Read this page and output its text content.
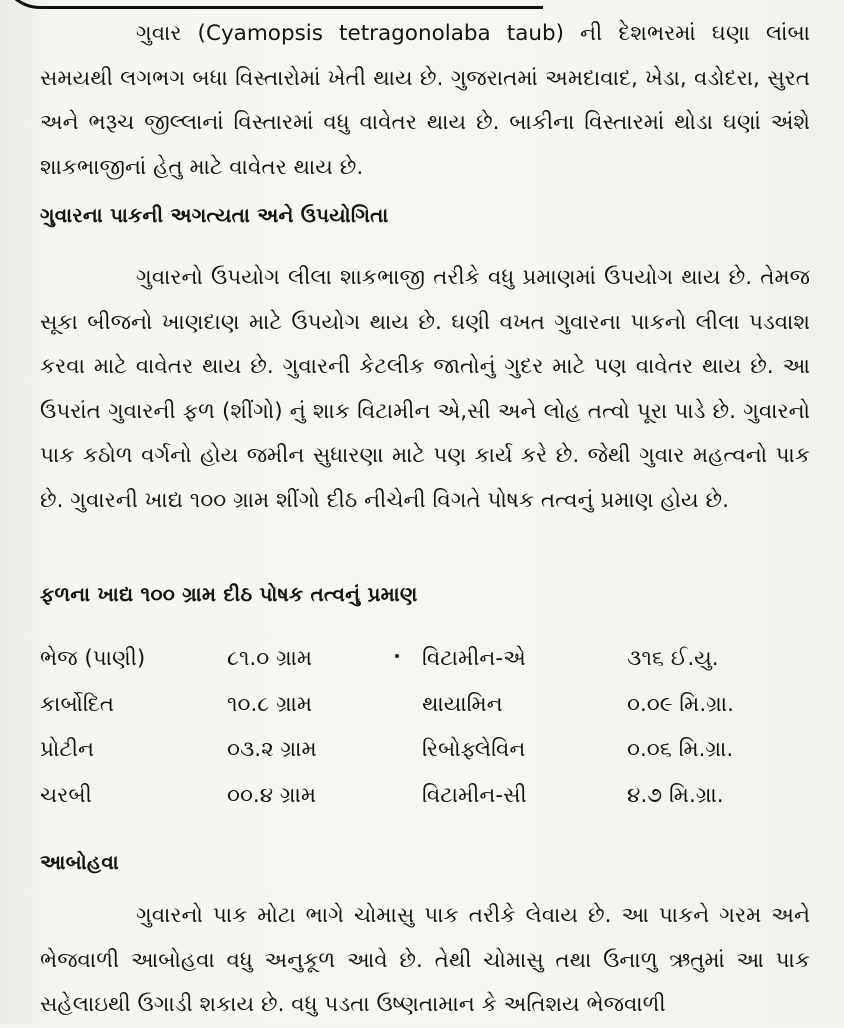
ગુવાર (Cyamopsis tetragonolaba taub) ની દેશભરમાં ઘણા લાંબા સમયથી લગભગ બધા વિસ્તારોમાં ખેતી થાય છે. ગુજરાતમાં અમદાવાદ, ખેડા, વડોદરા, સુરત અને ભરૂચ જીલ્લાનાં વિસ્તારમાં વધુ વાવેતર થાય છે. બાકીના વિસ્તારમાં થોડા ઘણાં અંશે શાકભાજીનાં હેતુ માટે વાવેતર થાય છે.

ગુવારના પાકની અગત્યતા અને ઉપયોગિતા

ગુવારનો ઉપયોગ લીલા શાકભાજી તરીકે વધુ પ્રમાણમાં ઉપયોગ થાય છે. તેમજ સૂકા બીજનો ખાણદાણ માટે ઉપયોગ થાય છે. ઘણી વખત ગુવારના પાકનો લીલા પડવાશ કરવા માટે વાવેતર થાય છે. ગુવારની કેટલીક જાતોનું ગુદર માટે પણ વાવેતર થાય છે. આ ઉપરાંત ગુવારની ફળ (શીંગો) નું શાક વિટામીન એ,સી અને લોહ તત્વો પૂરા પાડે છે. ગુવારનો પાક કઠોળ વર્ગનો હોય જમીન સુધારણા માટે પણ કાર્ય કરે છે. જેથી ગુવાર મહત્વનો પાક છે. ગુવારની ખાદ્ય ૧૦૦ ગ્રામ શીંગો દીઠ નીચેની વિગતે પોષક તત્વનું પ્રમાણ હોય છે.

ફળના ખાદ્ય ૧૦૦ ગ્રામ દીઠ પોષક તત્વનું પ્રમાણ
ભેજ (પાણી)	૮૧.૦ ગ્રામ	વિટામીન-એ	૩૧૬ ઈ.યુ.
કાર્બોદિત	૧૦.૮ ગ્રામ	થાયામિન	૦.૦૯ મિ.ગ્રા.
પ્રોટીન	૦૩.૨ ગ્રામ	રિબોફ્લેવિન	૦.૦૬ મિ.ગ્રા.
ચરબી	૦૦.૪ ગ્રામ	વિટામીન-સી	૪.૭ મિ.ગ્રા.
આબોહવા

ગુવારનો પાક મોટા ભાગે ચોમાસુ પાક તરીકે લેવાય છે. આ પાકને ગરમ અને ભેજવાળી આબોહવા વધુ અનુકૂળ આવે છે. તેથી ચોમાસુ તથા ઉનાળુ ઋતુમાં આ પાક સહેલાઇથી ઉગાડી શકાય છે. વધુ પડતા ઉષ્ણતામાન કે અતિશય ભેજવાળી
